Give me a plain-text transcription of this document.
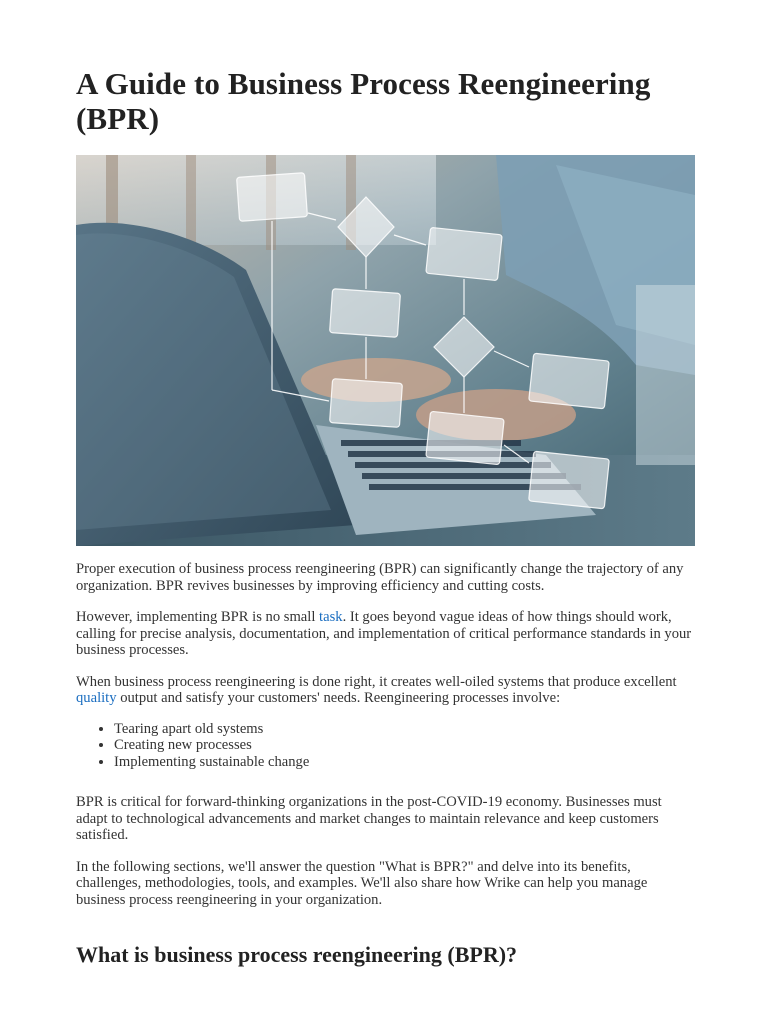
A Guide to Business Process Reengineering (BPR)

Proper execution of business process reengineering (BPR) can significantly change the trajectory of any organization. BPR revives businesses by improving efficiency and cutting costs.

However, implementing BPR is no small task. It goes beyond vague ideas of how things should work, calling for precise analysis, documentation, and implementation of critical performance standards in your business processes.

When business process reengineering is done right, it creates well-oiled systems that produce excellent quality output and satisfy your customers' needs. Reengineering processes involve:

• Tearing apart old systems
• Creating new processes
• Implementing sustainable change

BPR is critical for forward-thinking organizations in the post-COVID-19 economy. Businesses must adapt to technological advancements and market changes to maintain relevance and keep customers satisfied.

In the following sections, we'll answer the question "What is BPR?" and delve into its benefits, challenges, methodologies, tools, and examples. We'll also share how Wrike can help you manage business process reengineering in your organization.

What is business process reengineering (BPR)?
